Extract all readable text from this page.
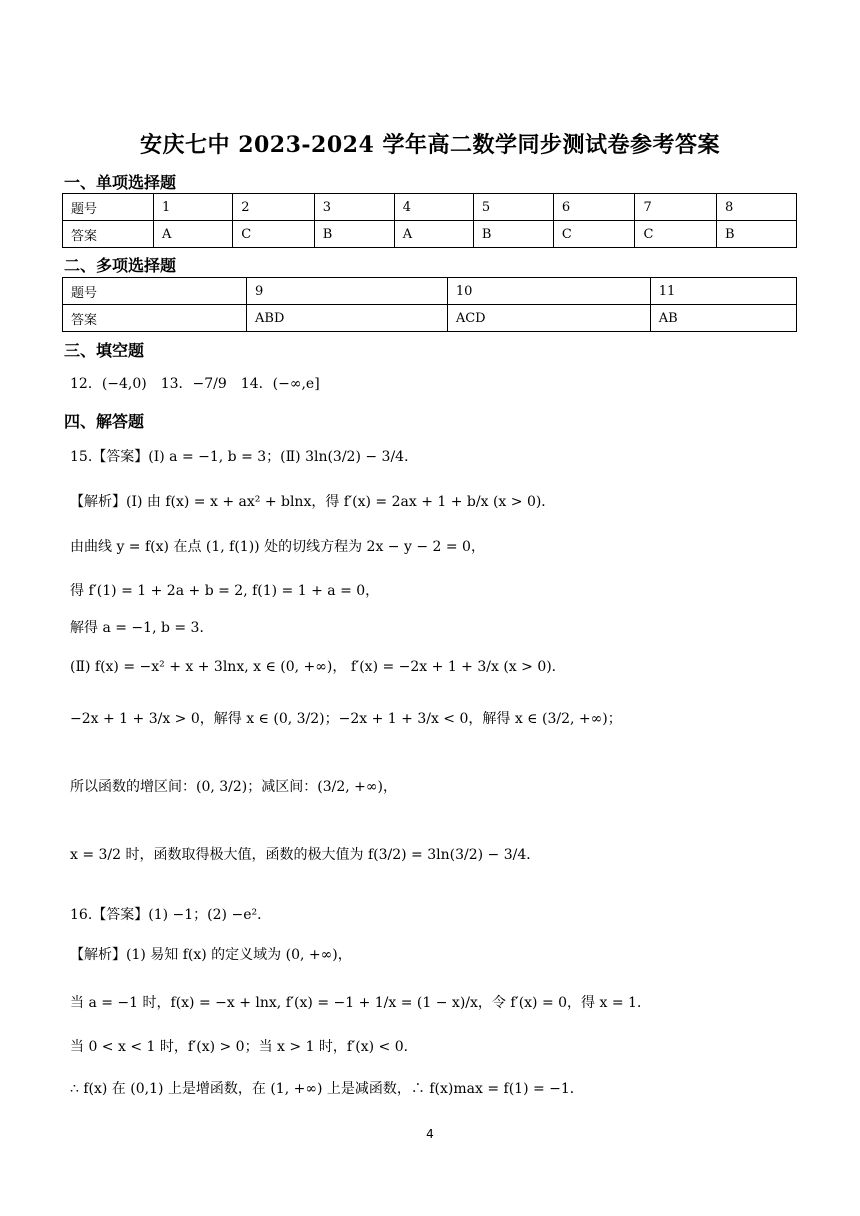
安庆七中 2023-2024 学年高二数学同步测试卷参考答案
一、单项选择题
题号	1	2	3	4	5	6	7	8
答案	A	C	B	A	B	C	C	B
二、多项选择题
题号	9	10	11
答案	ABD	ACD	AB
三、填空题
12．(−4,0)　13．−7/9　14．(−∞,e]
四、解答题
15.【答案】(Ⅰ) a = −1, b = 3；(Ⅱ) 3ln(3/2) − 3/4．
【解析】(Ⅰ) 由 f(x) = x + ax² + blnx，得 f′(x) = 2ax + 1 + b/x (x > 0)．
由曲线 y = f(x) 在点 (1, f(1)) 处的切线方程为 2x − y − 2 = 0，
得 f′(1) = 1 + 2a + b = 2, f(1) = 1 + a = 0，
解得 a = −1, b = 3．
(Ⅱ) f(x) = −x² + x + 3lnx, x ∈ (0, +∞)， f′(x) = −2x + 1 + 3/x (x > 0)．
−2x + 1 + 3/x > 0，解得 x ∈ (0, 3/2)；−2x + 1 + 3/x < 0，解得 x ∈ (3/2, +∞)；
所以函数的增区间：(0, 3/2)；减区间：(3/2, +∞)，
x = 3/2 时，函数取得极大值，函数的极大值为 f(3/2) = 3ln(3/2) − 3/4．
16.【答案】(1) −1；(2) −e²．
【解析】(1) 易知 f(x) 的定义域为 (0, +∞)，
当 a = −1 时，f(x) = −x + lnx, f′(x) = −1 + 1/x = (1 − x)/x，令 f′(x) = 0，得 x = 1．
当 0 < x < 1 时，f′(x) > 0；当 x > 1 时，f′(x) < 0．
∴ f(x) 在 (0,1) 上是增函数，在 (1, +∞) 上是减函数，∴ f(x)max = f(1) = −1．
4
